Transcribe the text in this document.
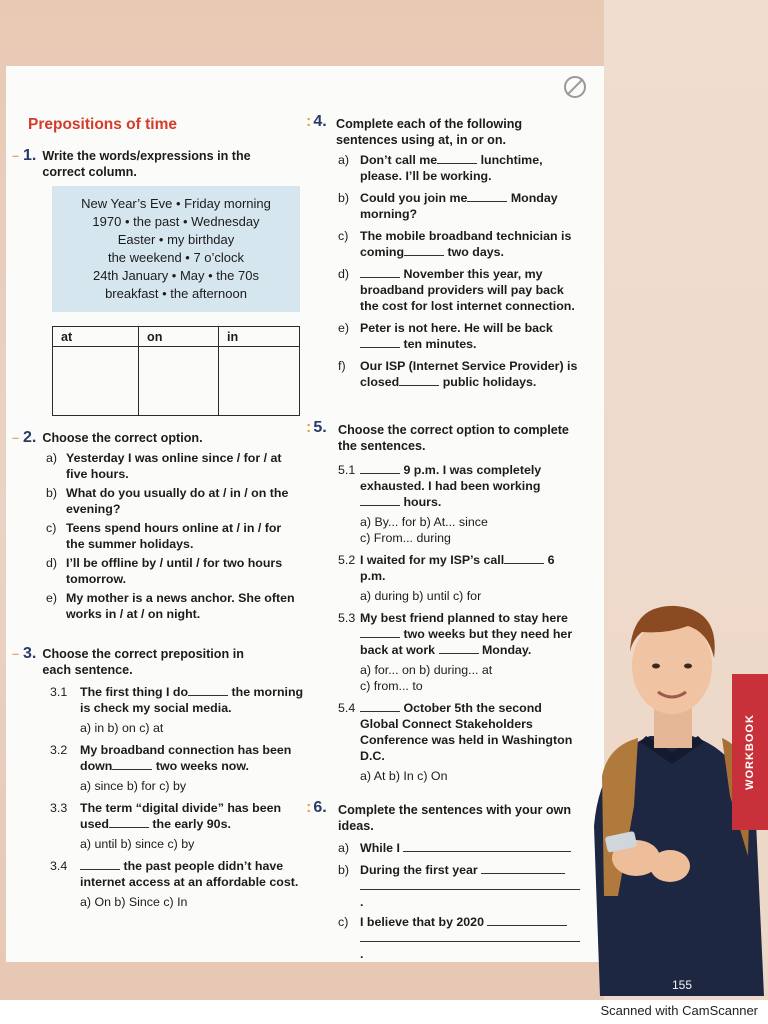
Prepositions of time
– 1. Write the words/expressions in the correct column.
New Year’s Eve • Friday morning
1970 • the past • Wednesday
Easter • my birthday
the weekend • 7 o’clock
24th January • May • the 70s
breakfast • the afternoon
at	on	in

– 2. Choose the correct option.
a) Yesterday I was online since / for / at five hours.
b) What do you usually do at / in / on the evening?
c) Teens spend hours online at / in / for the summer holidays.
d) I’ll be offline by / until / for two hours tomorrow.
e) My mother is a news anchor. She often works in / at / on night.
– 3. Choose the correct preposition in each sentence.
3.1 The first thing I do	the morning is check my social media.
a) in b) on c) at
3.2 My broadband connection has been down	two weeks now.
a) since b) for c) by
3.3 The term “digital divide” has been used	the early 90s.
a) until b) since c) by
3.4	the past people didn’t have internet access at an affordable cost.
a) On b) Since c) In
: 4. Complete each of the following sentences using at, in or on.
a) Don’t call me	lunchtime, please. I’ll be working.
b) Could you join me	Monday morning?
c) The mobile broadband technician is coming	two days.
d)	November this year, my broadband providers will pay back the cost for lost internet connection.
e) Peter is not here. He will be back ten minutes.
f) Our ISP (Internet Service Provider) is closed	public holidays.
: 5. Choose the correct option to complete the sentences.
5.1	9 p.m. I was completely exhausted. I had been working  hours.
a) By... for b) At... since
c) From... during
5.2 I waited for my ISP’s call	6 p.m.
a) during b) until c) for
5.3 My best friend planned to stay here two weeks but they need her back at work	Monday.
a) for... on b) during... at
c) from... to
5.4	October 5th the second Global Connect Stakeholders Conference was held in Washington D.C.
a) At b) In c) On
: 6. Complete the sentences with your own ideas.
a) While I
b) During the first year
.
c) I believe that by 2020
.
WORKBOOK
155
Scanned with CamScanner
